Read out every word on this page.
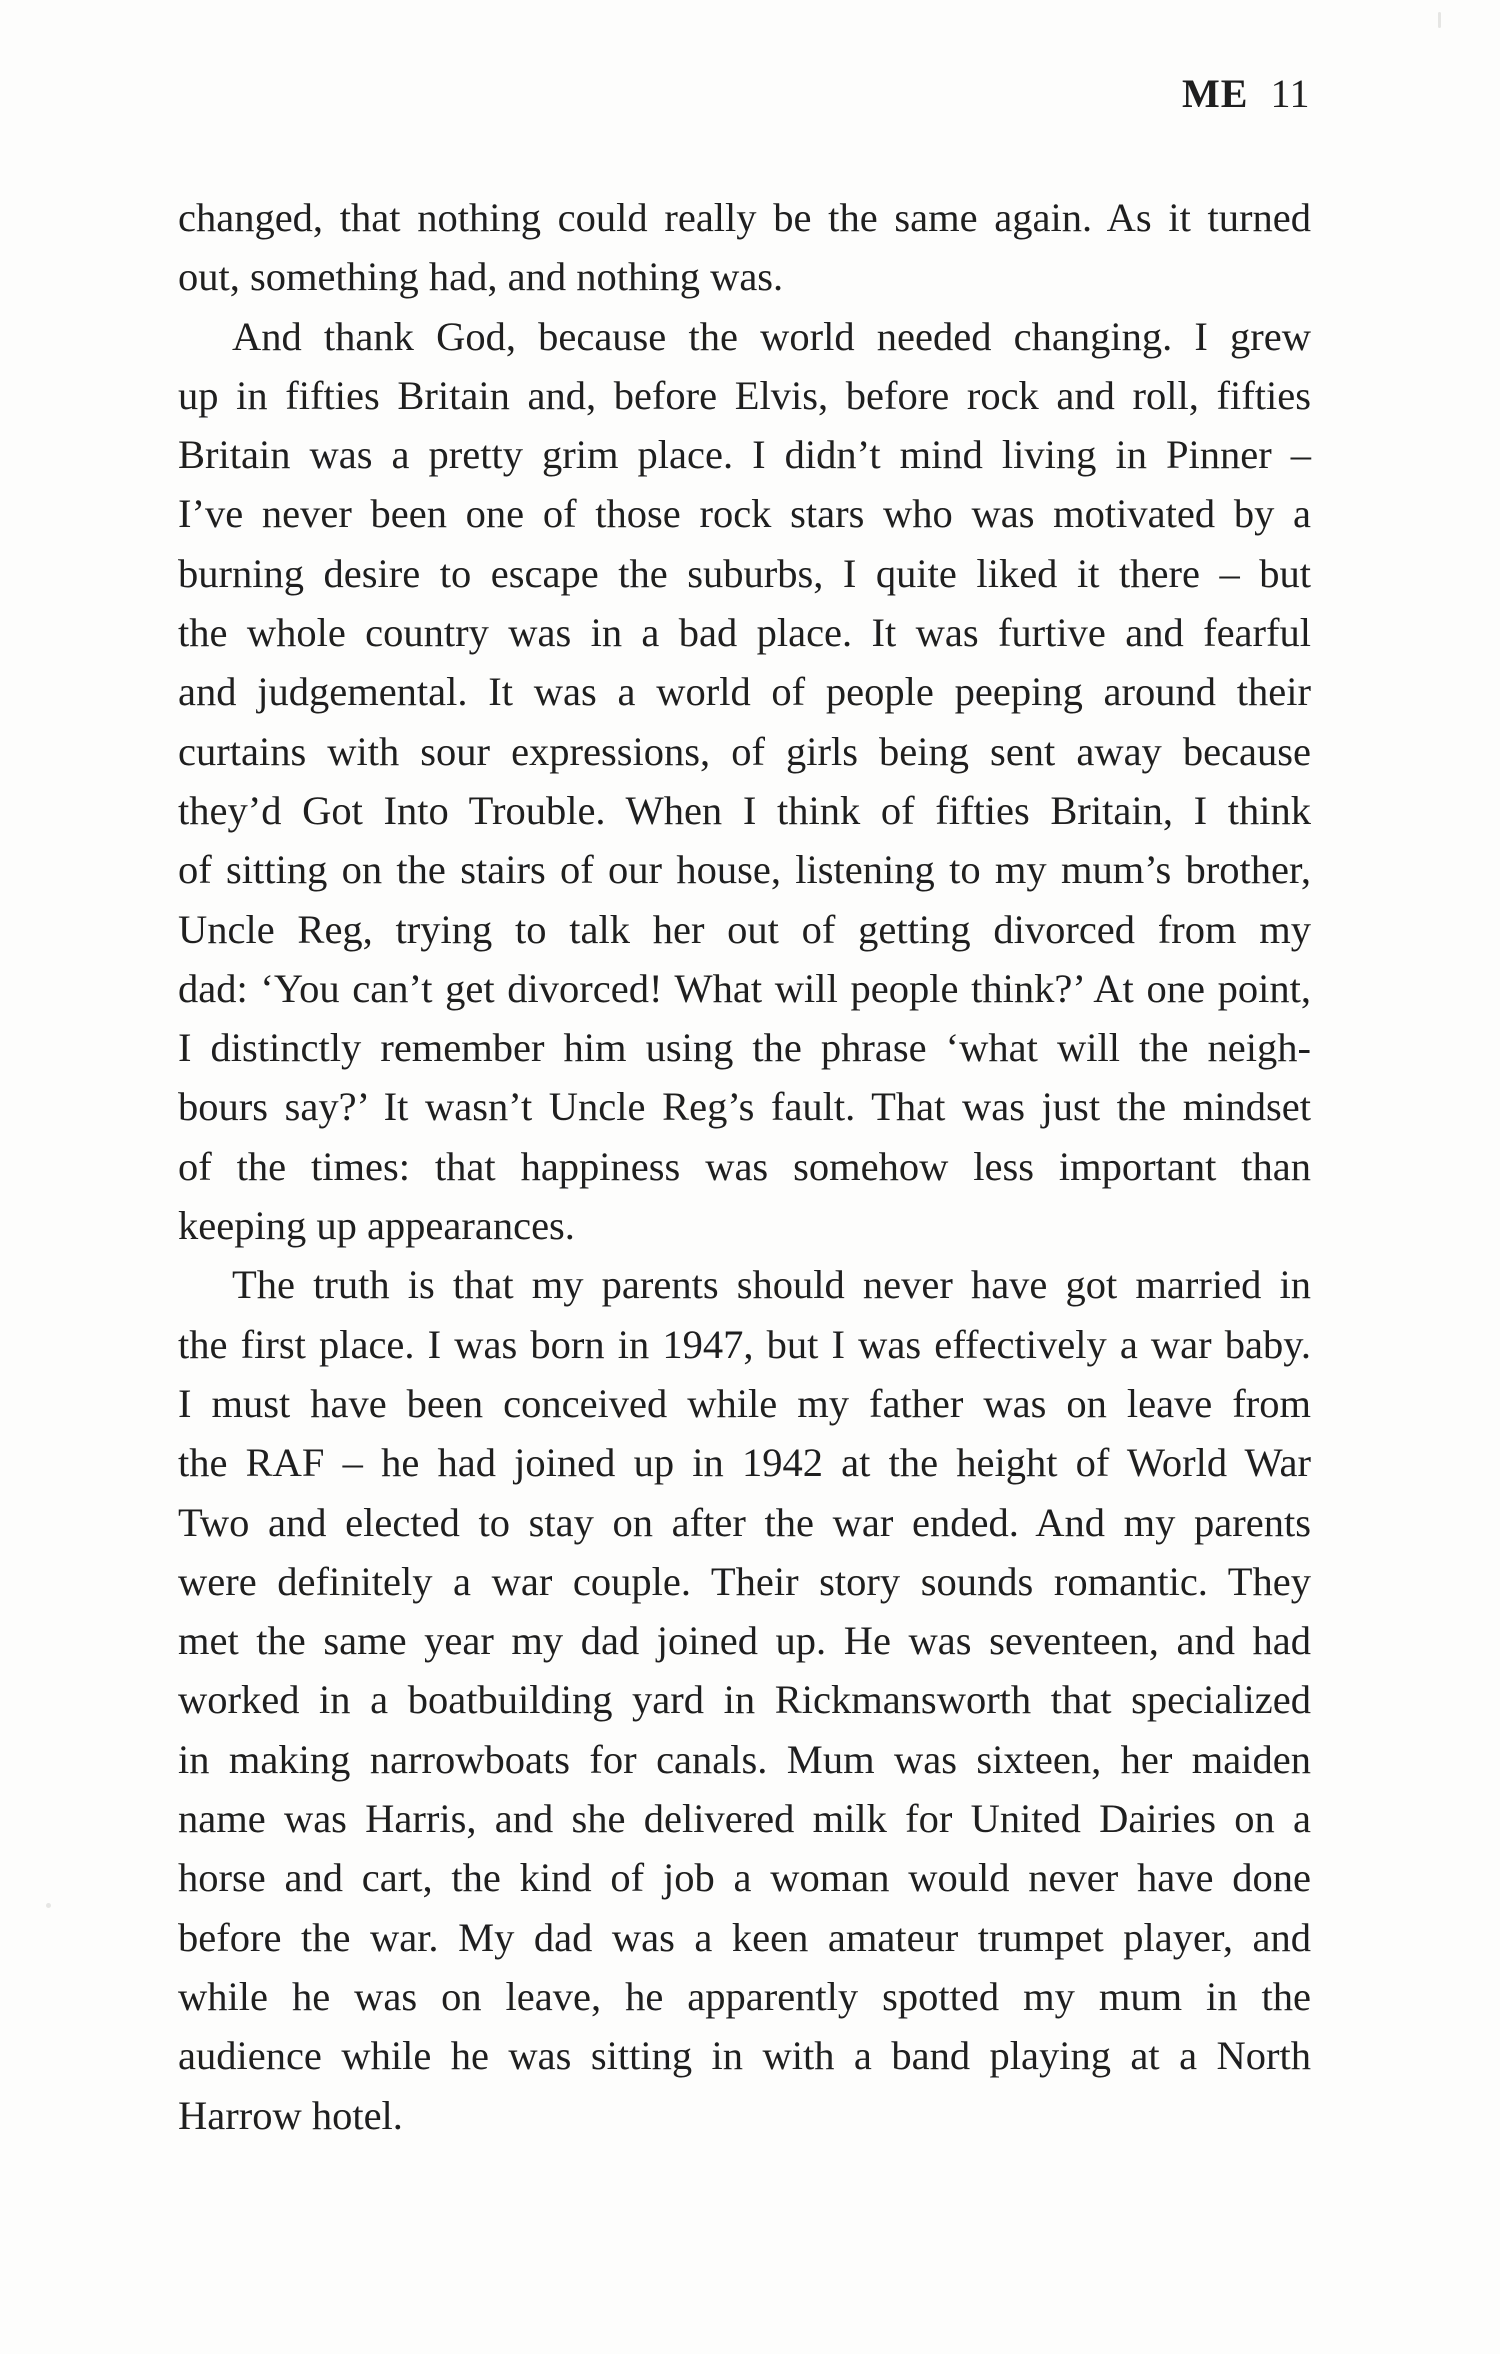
ME 11
changed, that nothing could really be the same again. As it turned
out, something had, and nothing was.
And thank God, because the world needed changing. I grew
up in fifties Britain and, before Elvis, before rock and roll, fifties
Britain was a pretty grim place. I didn’t mind living in Pinner –
I’ve never been one of those rock stars who was motivated by a
burning desire to escape the suburbs, I quite liked it there – but
the whole country was in a bad place. It was furtive and fearful
and judgemental. It was a world of people peeping around their
curtains with sour expressions, of girls being sent away because
they’d Got Into Trouble. When I think of fifties Britain, I think
of sitting on the stairs of our house, listening to my mum’s brother,
Uncle Reg, trying to talk her out of getting divorced from my
dad: ‘You can’t get divorced! What will people think?’ At one point,
I distinctly remember him using the phrase ‘what will the neigh-
bours say?’ It wasn’t Uncle Reg’s fault. That was just the mindset
of the times: that happiness was somehow less important than
keeping up appearances.
The truth is that my parents should never have got married in
the first place. I was born in 1947, but I was effectively a war baby.
I must have been conceived while my father was on leave from
the RAF – he had joined up in 1942 at the height of World War
Two and elected to stay on after the war ended. And my parents
were definitely a war couple. Their story sounds romantic. They
met the same year my dad joined up. He was seventeen, and had
worked in a boatbuilding yard in Rickmansworth that specialized
in making narrowboats for canals. Mum was sixteen, her maiden
name was Harris, and she delivered milk for United Dairies on a
horse and cart, the kind of job a woman would never have done
before the war. My dad was a keen amateur trumpet player, and
while he was on leave, he apparently spotted my mum in the
audience while he was sitting in with a band playing at a North
Harrow hotel.
